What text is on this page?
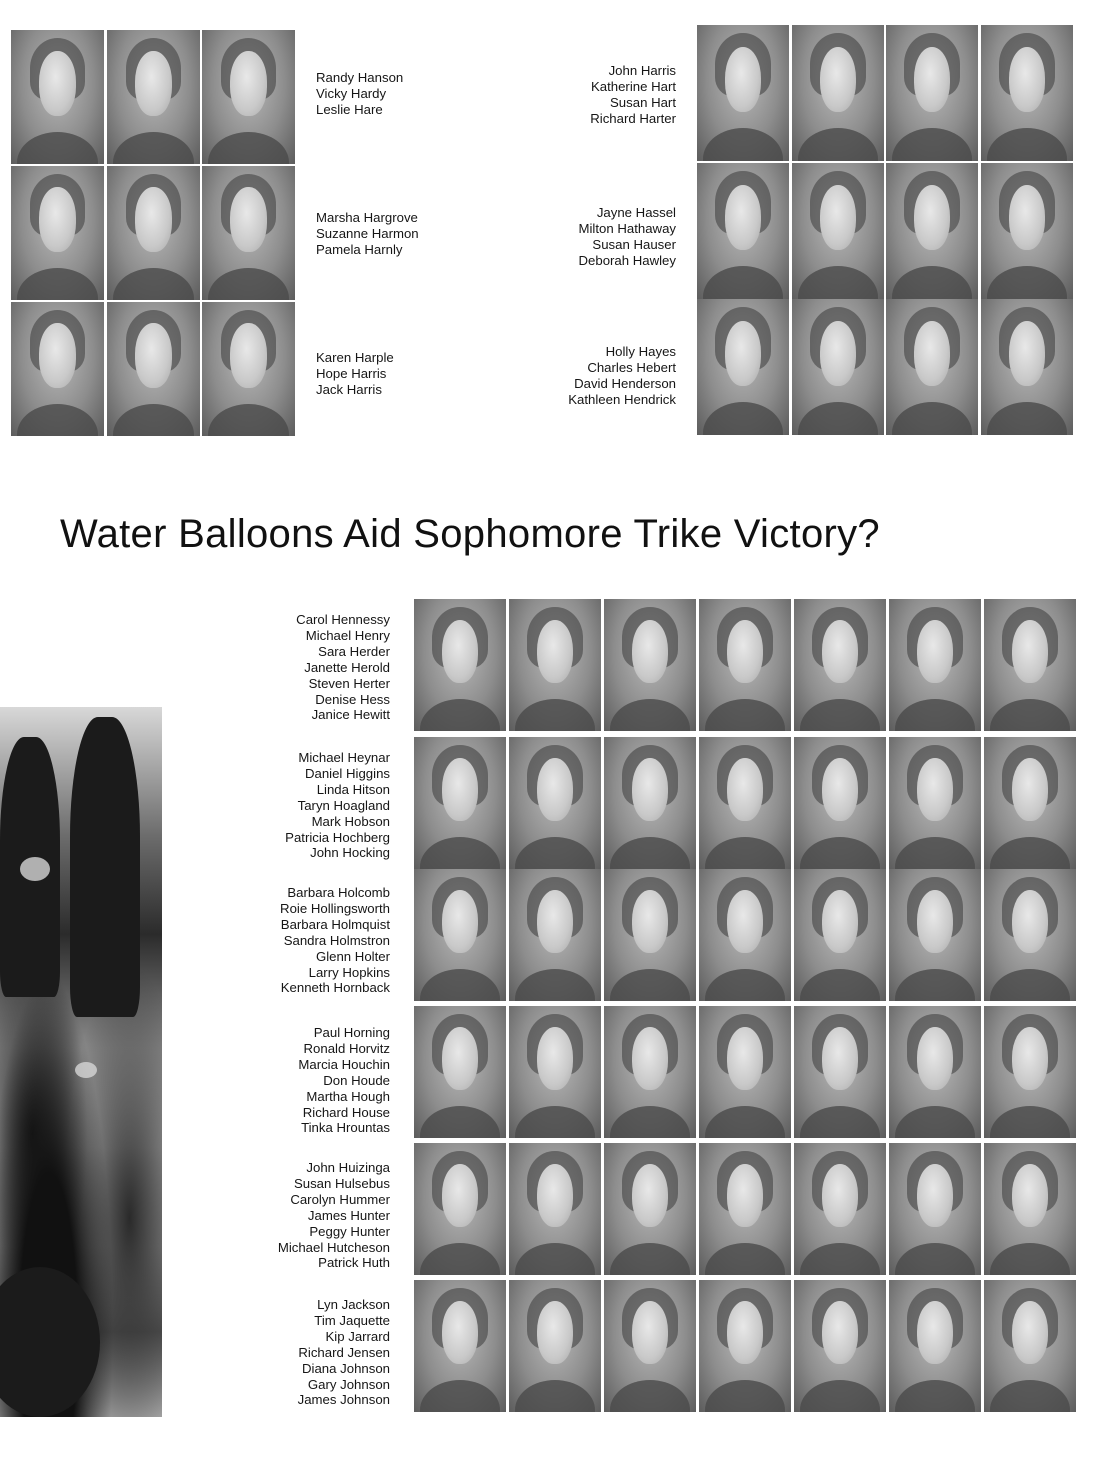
Randy Hanson
Vicky Hardy
Leslie Hare
Marsha Hargrove
Suzanne Harmon
Pamela Harnly
Karen Harple
Hope Harris
Jack Harris
John Harris
Katherine Hart
Susan Hart
Richard Harter
Jayne Hassel
Milton Hathaway
Susan Hauser
Deborah Hawley
Holly Hayes
Charles Hebert
David Henderson
Kathleen Hendrick
Water Balloons Aid Sophomore Trike Victory?
Carol Hennessy
Michael Henry
Sara Herder
Janette Herold
Steven Herter
Denise Hess
Janice Hewitt
Michael Heynar
Daniel Higgins
Linda Hitson
Taryn Hoagland
Mark Hobson
Patricia Hochberg
John Hocking
Barbara Holcomb
Roie Hollingsworth
Barbara Holmquist
Sandra Holmstron
Glenn Holter
Larry Hopkins
Kenneth Hornback
Paul Horning
Ronald Horvitz
Marcia Houchin
Don Houde
Martha Hough
Richard House
Tinka Hrountas
John Huizinga
Susan Hulsebus
Carolyn Hummer
James Hunter
Peggy Hunter
Michael Hutcheson
Patrick Huth
Lyn Jackson
Tim Jaquette
Kip Jarrard
Richard Jensen
Diana Johnson
Gary Johnson
James Johnson
